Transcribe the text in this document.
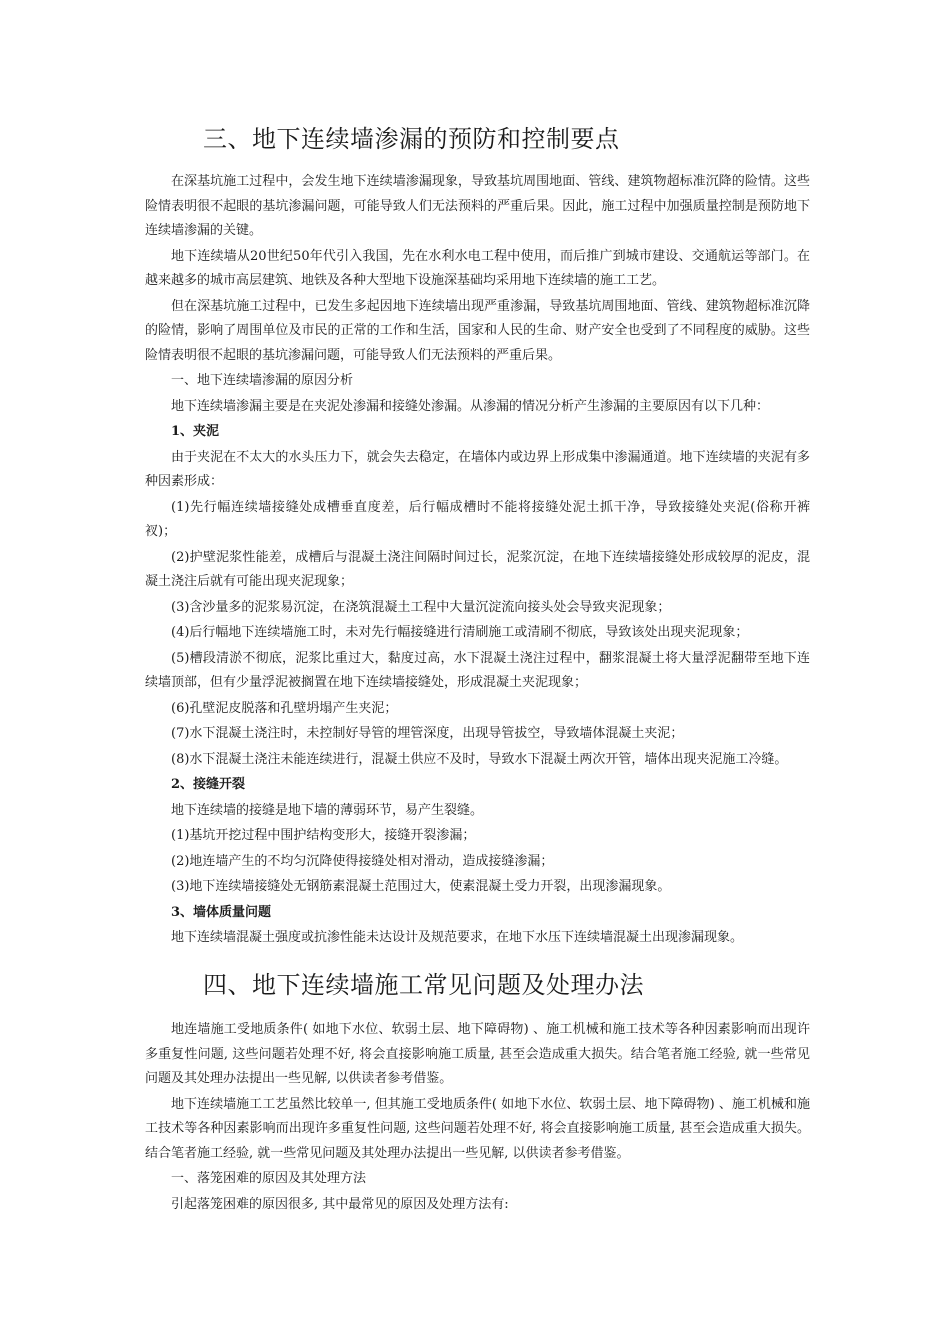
三、地下连续墙渗漏的预防和控制要点

在深基坑施工过程中，会发生地下连续墙渗漏现象，导致基坑周围地面、管线、建筑物超标准沉降的险情。这些险情表明很不起眼的基坑渗漏问题，可能导致人们无法预料的严重后果。因此，施工过程中加强质量控制是预防地下连续墙渗漏的关键。

地下连续墙从20世纪50年代引入我国，先在水利水电工程中使用，而后推广到城市建设、交通航运等部门。在越来越多的城市高层建筑、地铁及各种大型地下设施深基础均采用地下连续墙的施工工艺。

但在深基坑施工过程中，已发生多起因地下连续墙出现严重渗漏，导致基坑周围地面、管线、建筑物超标准沉降的险情，影响了周围单位及市民的正常的工作和生活，国家和人民的生命、财产安全也受到了不同程度的威胁。这些险情表明很不起眼的基坑渗漏问题，可能导致人们无法预料的严重后果。

一、地下连续墙渗漏的原因分析

地下连续墙渗漏主要是在夹泥处渗漏和接缝处渗漏。从渗漏的情况分析产生渗漏的主要原因有以下几种：

1、夹泥

由于夹泥在不太大的水头压力下，就会失去稳定，在墙体内或边界上形成集中渗漏通道。地下连续墙的夹泥有多种因素形成：

(1)先行幅连续墙接缝处成槽垂直度差，后行幅成槽时不能将接缝处泥土抓干净，导致接缝处夹泥(俗称开裤衩)；

(2)护壁泥浆性能差，成槽后与混凝土浇注间隔时间过长，泥浆沉淀，在地下连续墙接缝处形成较厚的泥皮，混凝土浇注后就有可能出现夹泥现象；

(3)含沙量多的泥浆易沉淀，在浇筑混凝土工程中大量沉淀流向接头处会导致夹泥现象；

(4)后行幅地下连续墙施工时，未对先行幅接缝进行清刷施工或清刷不彻底，导致该处出现夹泥现象；

(5)槽段清淤不彻底，泥浆比重过大，黏度过高，水下混凝土浇注过程中，翻浆混凝土将大量浮泥翻带至地下连续墙顶部，但有少量浮泥被搁置在地下连续墙接缝处，形成混凝土夹泥现象；

(6)孔壁泥皮脱落和孔壁坍塌产生夹泥；

(7)水下混凝土浇注时，未控制好导管的埋管深度，出现导管拔空，导致墙体混凝土夹泥；

(8)水下混凝土浇注未能连续进行，混凝土供应不及时，导致水下混凝土两次开管，墙体出现夹泥施工冷缝。

2、接缝开裂

地下连续墙的接缝是地下墙的薄弱环节，易产生裂缝。

(1)基坑开挖过程中围护结构变形大，接缝开裂渗漏；

(2)地连墙产生的不均匀沉降使得接缝处相对滑动，造成接缝渗漏；

(3)地下连续墙接缝处无钢筋素混凝土范围过大，使素混凝土受力开裂，出现渗漏现象。

3、墙体质量问题

地下连续墙混凝土强度或抗渗性能未达设计及规范要求，在地下水压下连续墙混凝土出现渗漏现象。

四、地下连续墙施工常见问题及处理办法

地连墙施工受地质条件( 如地下水位、软弱土层、地下障碍物) 、施工机械和施工技术等各种因素影响而出现许多重复性问题, 这些问题若处理不好, 将会直接影响施工质量, 甚至会造成重大损失。结合笔者施工经验, 就一些常见问题及其处理办法提出一些见解, 以供读者参考借鉴。

地下连续墙施工工艺虽然比较单一, 但其施工受地质条件( 如地下水位、软弱土层、地下障碍物) 、施工机械和施工技术等各种因素影响而出现许多重复性问题, 这些问题若处理不好, 将会直接影响施工质量, 甚至会造成重大损失。结合笔者施工经验, 就一些常见问题及其处理办法提出一些见解, 以供读者参考借鉴。

一、落笼困难的原因及其处理方法

引起落笼困难的原因很多, 其中最常见的原因及处理方法有:
